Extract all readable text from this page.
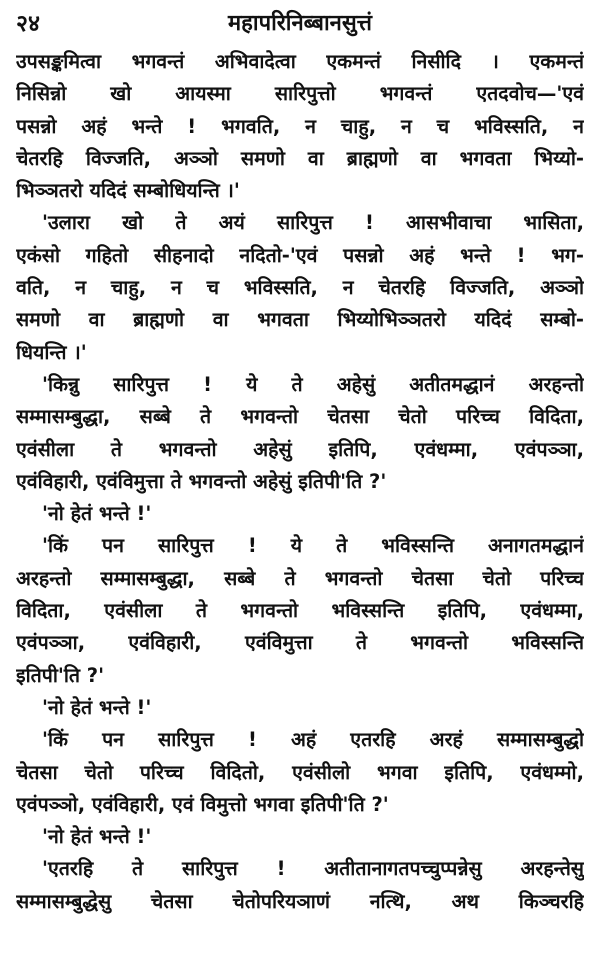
२४	महापरिनिब्बानसुत्तं
उपसङ्कमित्वा भगवन्तं अभिवादेत्वा एकमन्तं निसीदि । एकमन्तं
निसिन्नो खो आयस्मा सारिपुत्तो भगवन्तं एतदवोच—'एवं
पसन्नो अहं भन्ते ! भगवति, न चाहु, न च भविस्सति, न
चेतरहि विज्जति, अञ्ञो समणो वा ब्राह्मणो वा भगवता भिय्यो-
भिञ्ञतरो यदिदं सम्बोधियन्ति ।'
'उलारा खो ते अयं सारिपुत्त ! आसभीवाचा भासिता,
एकंसो गहितो सीहनादो नदितो-'एवं पसन्नो अहं भन्ते ! भग-
वति, न चाहु, न च भविस्सति, न चेतरहि विज्जति, अञ्ञो
समणो वा ब्राह्मणो वा भगवता भिय्योभिञ्ञतरो यदिदं सम्बो-
धियन्ति ।'
'किन्नु सारिपुत्त ! ये ते अहेसुं अतीतमद्धानं अरहन्तो
सम्मासम्बुद्धा, सब्बे ते भगवन्तो चेतसा चेतो परिच्च विदिता,
एवंसीला ते भगवन्तो अहेसुं इतिपि, एवंधम्मा, एवंपञ्ञा,
एवंविहारी, एवंविमुत्ता ते भगवन्तो अहेसुं इतिपी'ति ?'
'नो हेतं भन्ते !'
'किं पन सारिपुत्त ! ये ते भविस्सन्ति अनागतमद्धानं
अरहन्तो सम्मासम्बुद्धा, सब्बे ते भगवन्तो चेतसा चेतो परिच्च
विदिता, एवंसीला ते भगवन्तो भविस्सन्ति इतिपि, एवंधम्मा,
एवंपञ्ञा, एवंविहारी, एवंविमुत्ता ते भगवन्तो भविस्सन्ति
इतिपी'ति ?'
'नो हेतं भन्ते !'
'किं पन सारिपुत्त ! अहं एतरहि अरहं सम्मासम्बुद्धो
चेतसा चेतो परिच्च विदितो, एवंसीलो भगवा इतिपि, एवंधम्मो,
एवंपञ्ञो, एवंविहारी, एवं विमुत्तो भगवा इतिपी'ति ?'
'नो हेतं भन्ते !'
'एतरहि ते सारिपुत्त ! अतीतानागतपच्चुप्पन्नेसु अरहन्तेसु
सम्मासम्बुद्धेसु चेतसा चेतोपरियञाणं नत्थि, अथ किञ्चरहि
